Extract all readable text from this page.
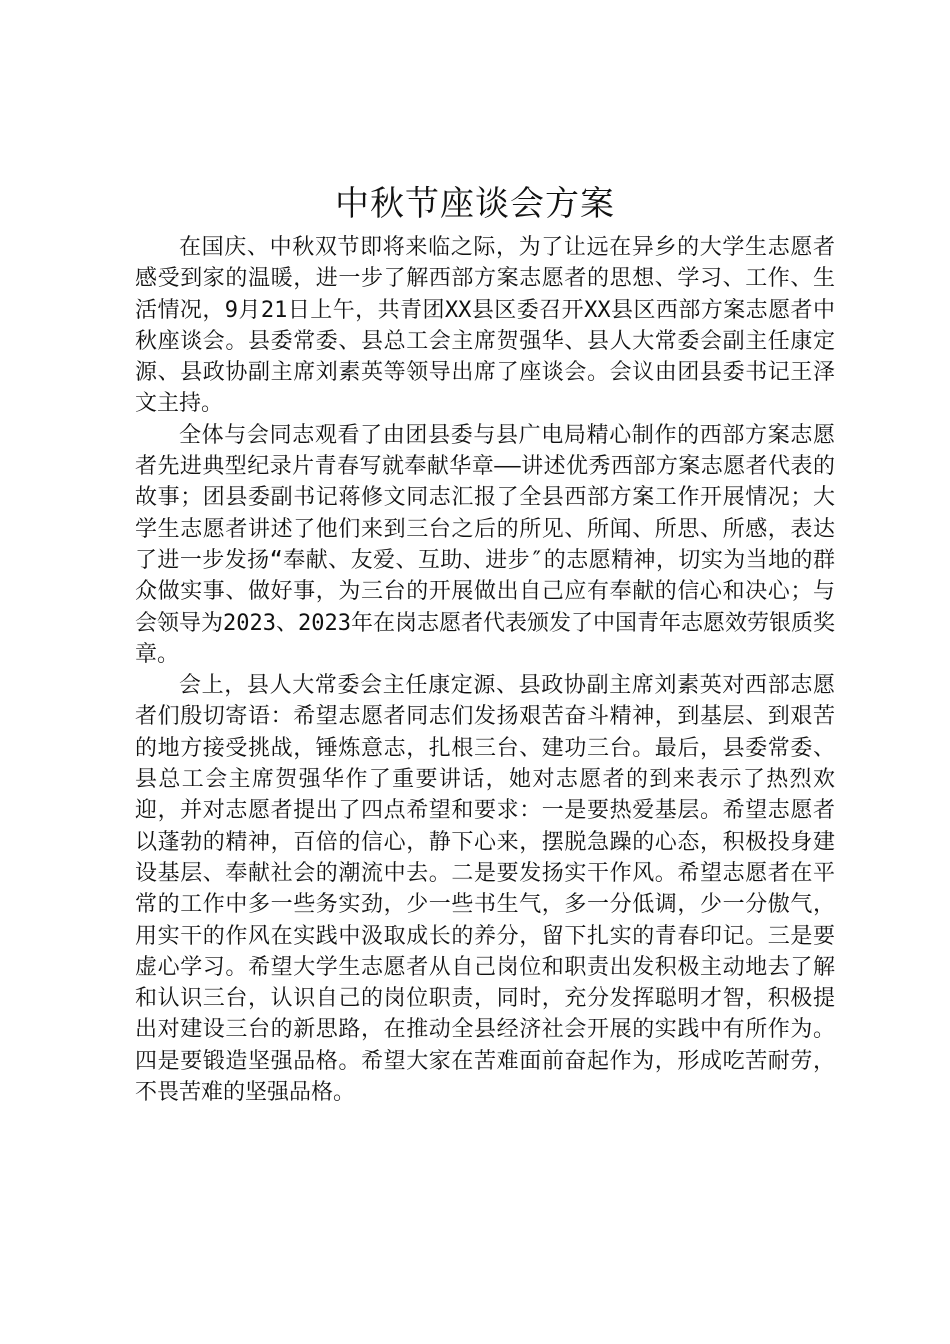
中秋节座谈会方案

在国庆、中秋双节即将来临之际，为了让远在异乡的大学生志愿者感受到家的温暖，进一步了解西部方案志愿者的思想、学习、工作、生活情况，9月21日上午，共青团XX县区委召开XX县区西部方案志愿者中秋座谈会。县委常委、县总工会主席贺强华、县人大常委会副主任康定源、县政协副主席刘素英等领导出席了座谈会。会议由团县委书记王泽文主持。

全体与会同志观看了由团县委与县广电局精心制作的西部方案志愿者先进典型纪录片青春写就奉献华章——讲述优秀西部方案志愿者代表的故事；团县委副书记蒋修文同志汇报了全县西部方案工作开展情况；大学生志愿者讲述了他们来到三台之后的所见、所闻、所思、所感，表达了进一步发扬“奉献、友爱、互助、进步″的志愿精神，切实为当地的群众做实事、做好事，为三台的开展做出自己应有奉献的信心和决心；与会领导为2023、2023年在岗志愿者代表颁发了中国青年志愿效劳银质奖章。

会上，县人大常委会主任康定源、县政协副主席刘素英对西部志愿者们殷切寄语：希望志愿者同志们发扬艰苦奋斗精神，到基层、到艰苦的地方接受挑战，锤炼意志，扎根三台、建功三台。最后，县委常委、县总工会主席贺强华作了重要讲话，她对志愿者的到来表示了热烈欢迎，并对志愿者提出了四点希望和要求：一是要热爱基层。希望志愿者以蓬勃的精神，百倍的信心，静下心来，摆脱急躁的心态，积极投身建设基层、奉献社会的潮流中去。二是要发扬实干作风。希望志愿者在平常的工作中多一些务实劲，少一些书生气，多一分低调，少一分傲气，用实干的作风在实践中汲取成长的养分，留下扎实的青春印记。三是要虚心学习。希望大学生志愿者从自己岗位和职责出发积极主动地去了解和认识三台，认识自己的岗位职责，同时，充分发挥聪明才智，积极提出对建设三台的新思路，在推动全县经济社会开展的实践中有所作为。四是要锻造坚强品格。希望大家在苦难面前奋起作为，形成吃苦耐劳，不畏苦难的坚强品格。
